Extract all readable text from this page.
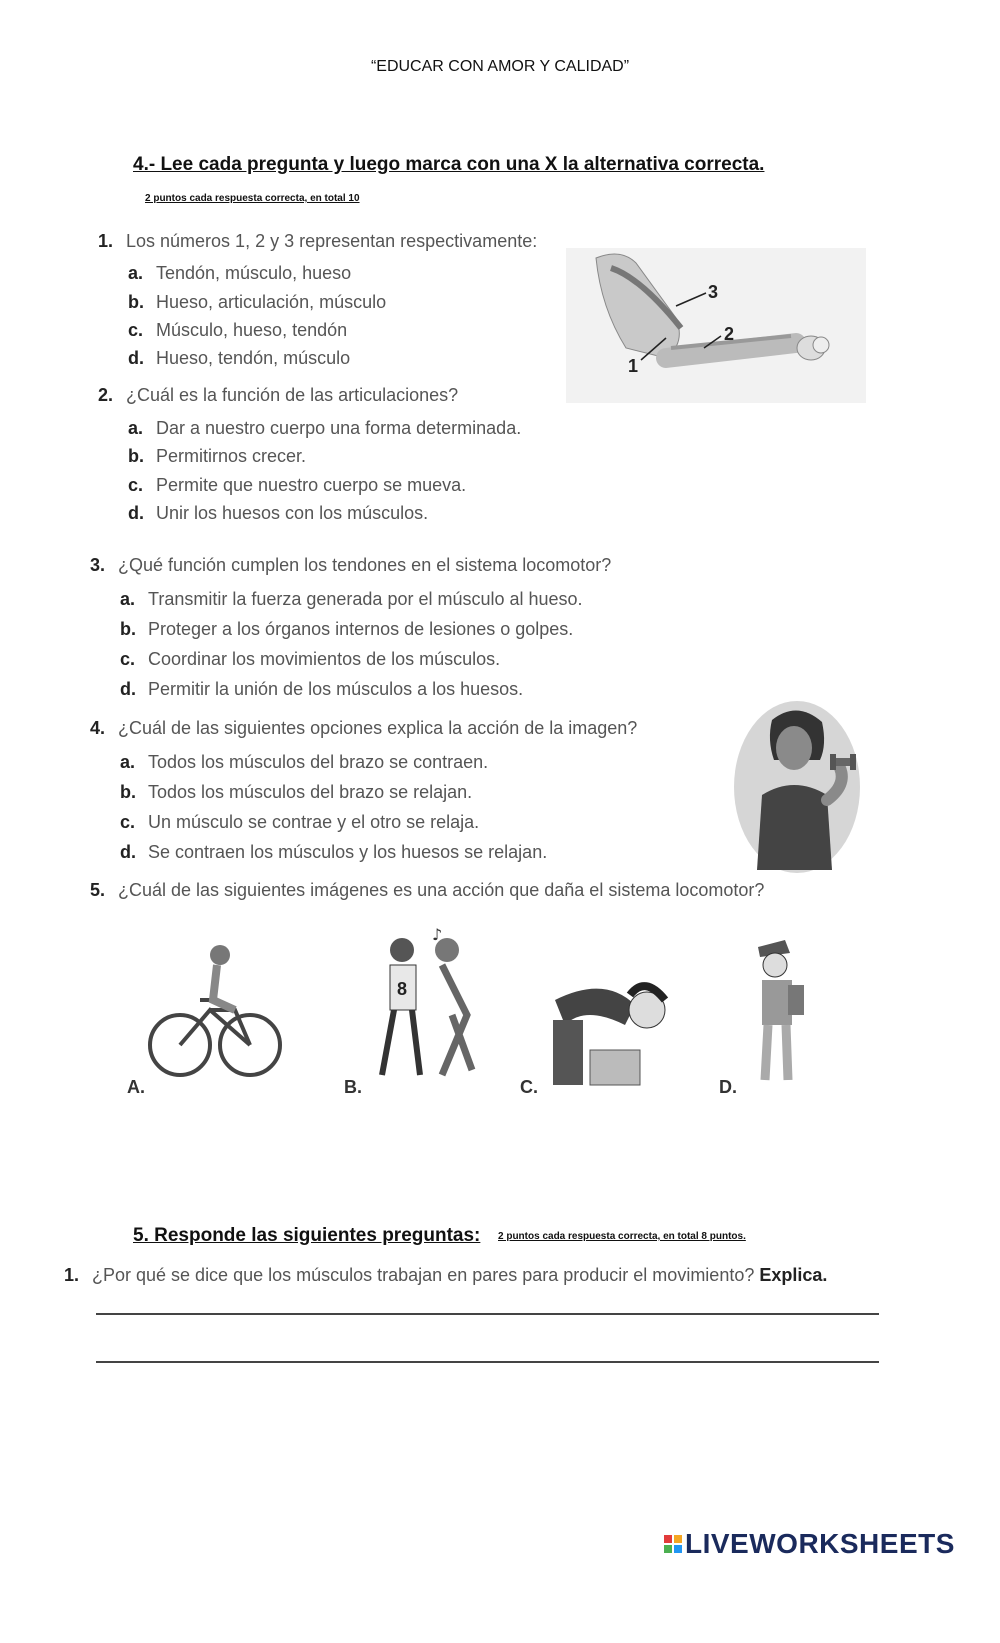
“EDUCAR CON AMOR Y CALIDAD”
4.- Lee cada pregunta y luego marca con una X la alternativa correcta.
2 puntos cada respuesta correcta, en total 10
1. Los números 1, 2 y 3 representan respectivamente:
a. Tendón, músculo, hueso
b. Hueso, articulación, músculo
c. Músculo, hueso, tendón
d. Hueso, tendón, músculo	1
2
3
2. ¿Cuál es la función de las articulaciones?
a. Dar a nuestro cuerpo una forma determinada.
b. Permitirnos crecer.
c. Permite que nuestro cuerpo se mueva.
d. Unir los huesos con los músculos.
3. ¿Qué función cumplen los tendones en el sistema locomotor?
a. Transmitir la fuerza generada por el músculo al hueso.
b. Proteger a los órganos internos de lesiones o golpes.
c. Coordinar los movimientos de los músculos.
d. Permitir la unión de los músculos a los huesos.
4. ¿Cuál de las siguientes opciones explica la acción de la imagen?
a. Todos los músculos del brazo se contraen.
b. Todos los músculos del brazo se relajan.
c. Un músculo se contrae y el otro se relaja.
d. Se contraen los músculos y los huesos se relajan.
5. ¿Cuál de las siguientes imágenes es una acción que daña el sistema locomotor?
A.
8
♪
B.	C.	D.
5. Responde las siguientes preguntas: 2 puntos cada respuesta correcta, en total 8 puntos.
1. ¿Por qué se dice que los músculos trabajan en pares para producir el movimiento? Explica.

LIVEWORKSHEETS
